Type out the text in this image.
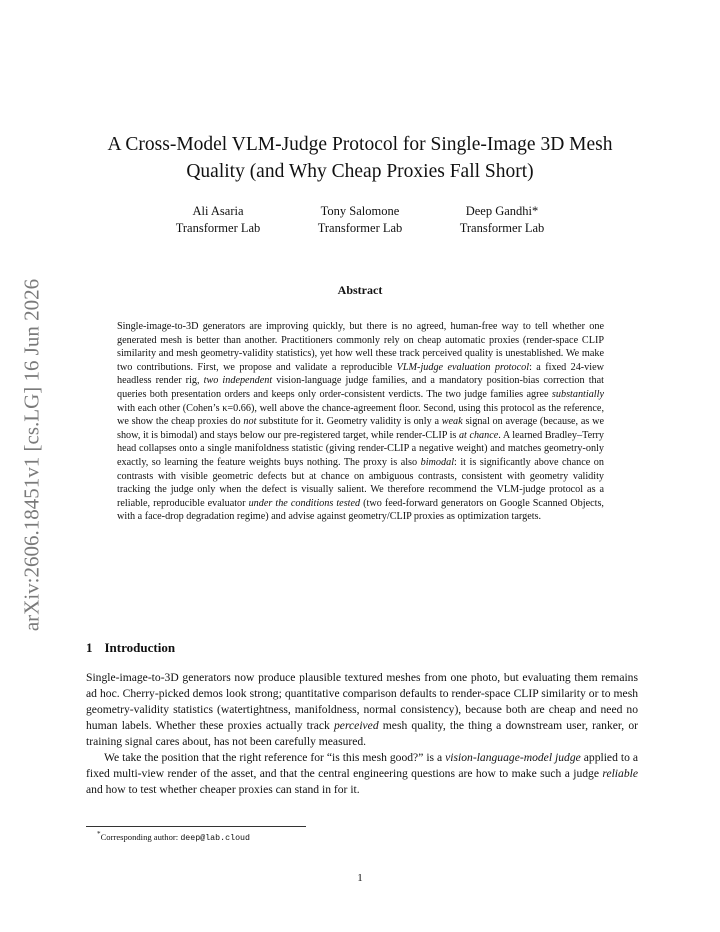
arXiv:2606.18451v1 [cs.LG] 16 Jun 2026
A Cross-Model VLM-Judge Protocol for Single-Image 3D Mesh Quality (and Why Cheap Proxies Fall Short)
Ali Asaria
Transformer Lab
Tony Salomone
Transformer Lab
Deep Gandhi*
Transformer Lab
Abstract
Single-image-to-3D generators are improving quickly, but there is no agreed, human-free way to tell whether one generated mesh is better than another. Practitioners commonly rely on cheap automatic proxies (render-space CLIP similarity and mesh geometry-validity statistics), yet how well these track perceived quality is unestablished. We make two contributions. First, we propose and validate a reproducible VLM-judge evaluation protocol: a fixed 24-view headless render rig, two independent vision-language judge families, and a mandatory position-bias correction that queries both presentation orders and keeps only order-consistent verdicts. The two judge families agree substantially with each other (Cohen’s κ=0.66), well above the chance-agreement floor. Second, using this protocol as the reference, we show the cheap proxies do not substitute for it. Geometry validity is only a weak signal on average (because, as we show, it is bimodal) and stays below our pre-registered target, while render-CLIP is at chance. A learned Bradley–Terry head collapses onto a single manifoldness statistic (giving render-CLIP a negative weight) and matches geometry-only exactly, so learning the feature weights buys nothing. The proxy is also bimodal: it is significantly above chance on contrasts with visible geometric defects but at chance on ambiguous contrasts, consistent with geometry validity tracking the judge only when the defect is visually salient. We therefore recommend the VLM-judge protocol as a reliable, reproducible evaluator under the conditions tested (two feed-forward generators on Google Scanned Objects, with a face-drop degradation regime) and advise against geometry/CLIP proxies as optimization targets.
1 Introduction

Single-image-to-3D generators now produce plausible textured meshes from one photo, but evaluating them remains ad hoc. Cherry-picked demos look strong; quantitative comparison defaults to render-space CLIP similarity or to mesh geometry-validity statistics (watertightness, manifoldness, normal consistency), because both are cheap and need no human labels. Whether these proxies actually track perceived mesh quality, the thing a downstream user, ranker, or training signal cares about, has not been carefully measured.

We take the position that the right reference for “is this mesh good?” is a vision-language-model judge applied to a fixed multi-view render of the asset, and that the central engineering questions are how to make such a judge reliable and how to test whether cheaper proxies can stand in for it.

*Corresponding author: deep@lab.cloud
1
